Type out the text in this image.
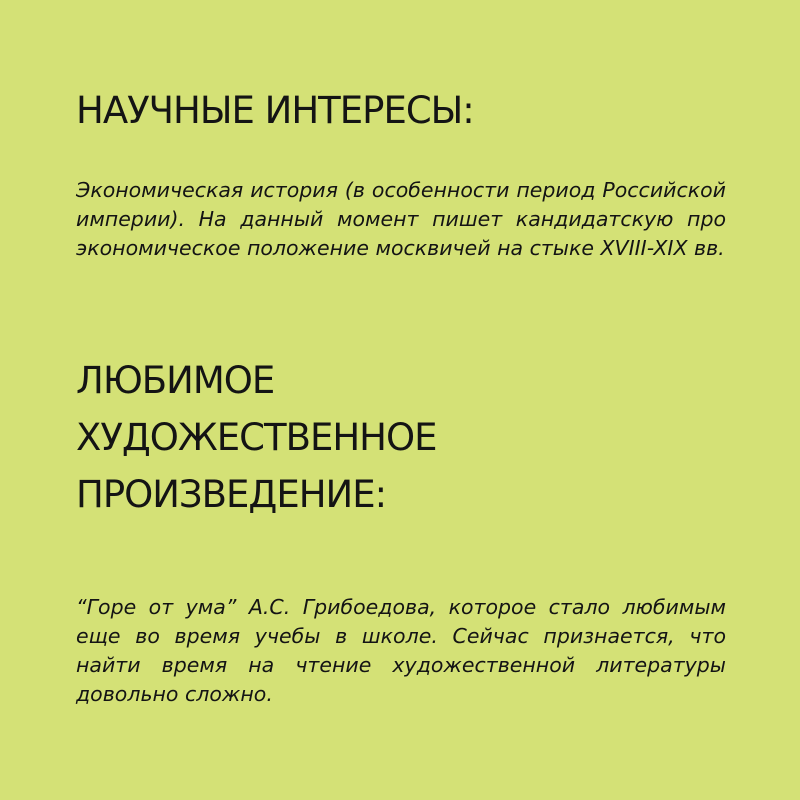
НАУЧНЫЕ ИНТЕРЕСЫ:

Экономическая история (в особенности период Российской империи). На данный момент пишет кандидатскую про экономическое положение москвичей на стыке XVIII-XIX вв.

ЛЮБИМОЕ
ХУДОЖЕСТВЕННОЕ
ПРОИЗВЕДЕНИЕ:

“Горе от ума” А.С. Грибоедова, которое стало любимым еще во время учебы в школе. Сейчас признается, что найти время на чтение художественной литературы довольно сложно.
